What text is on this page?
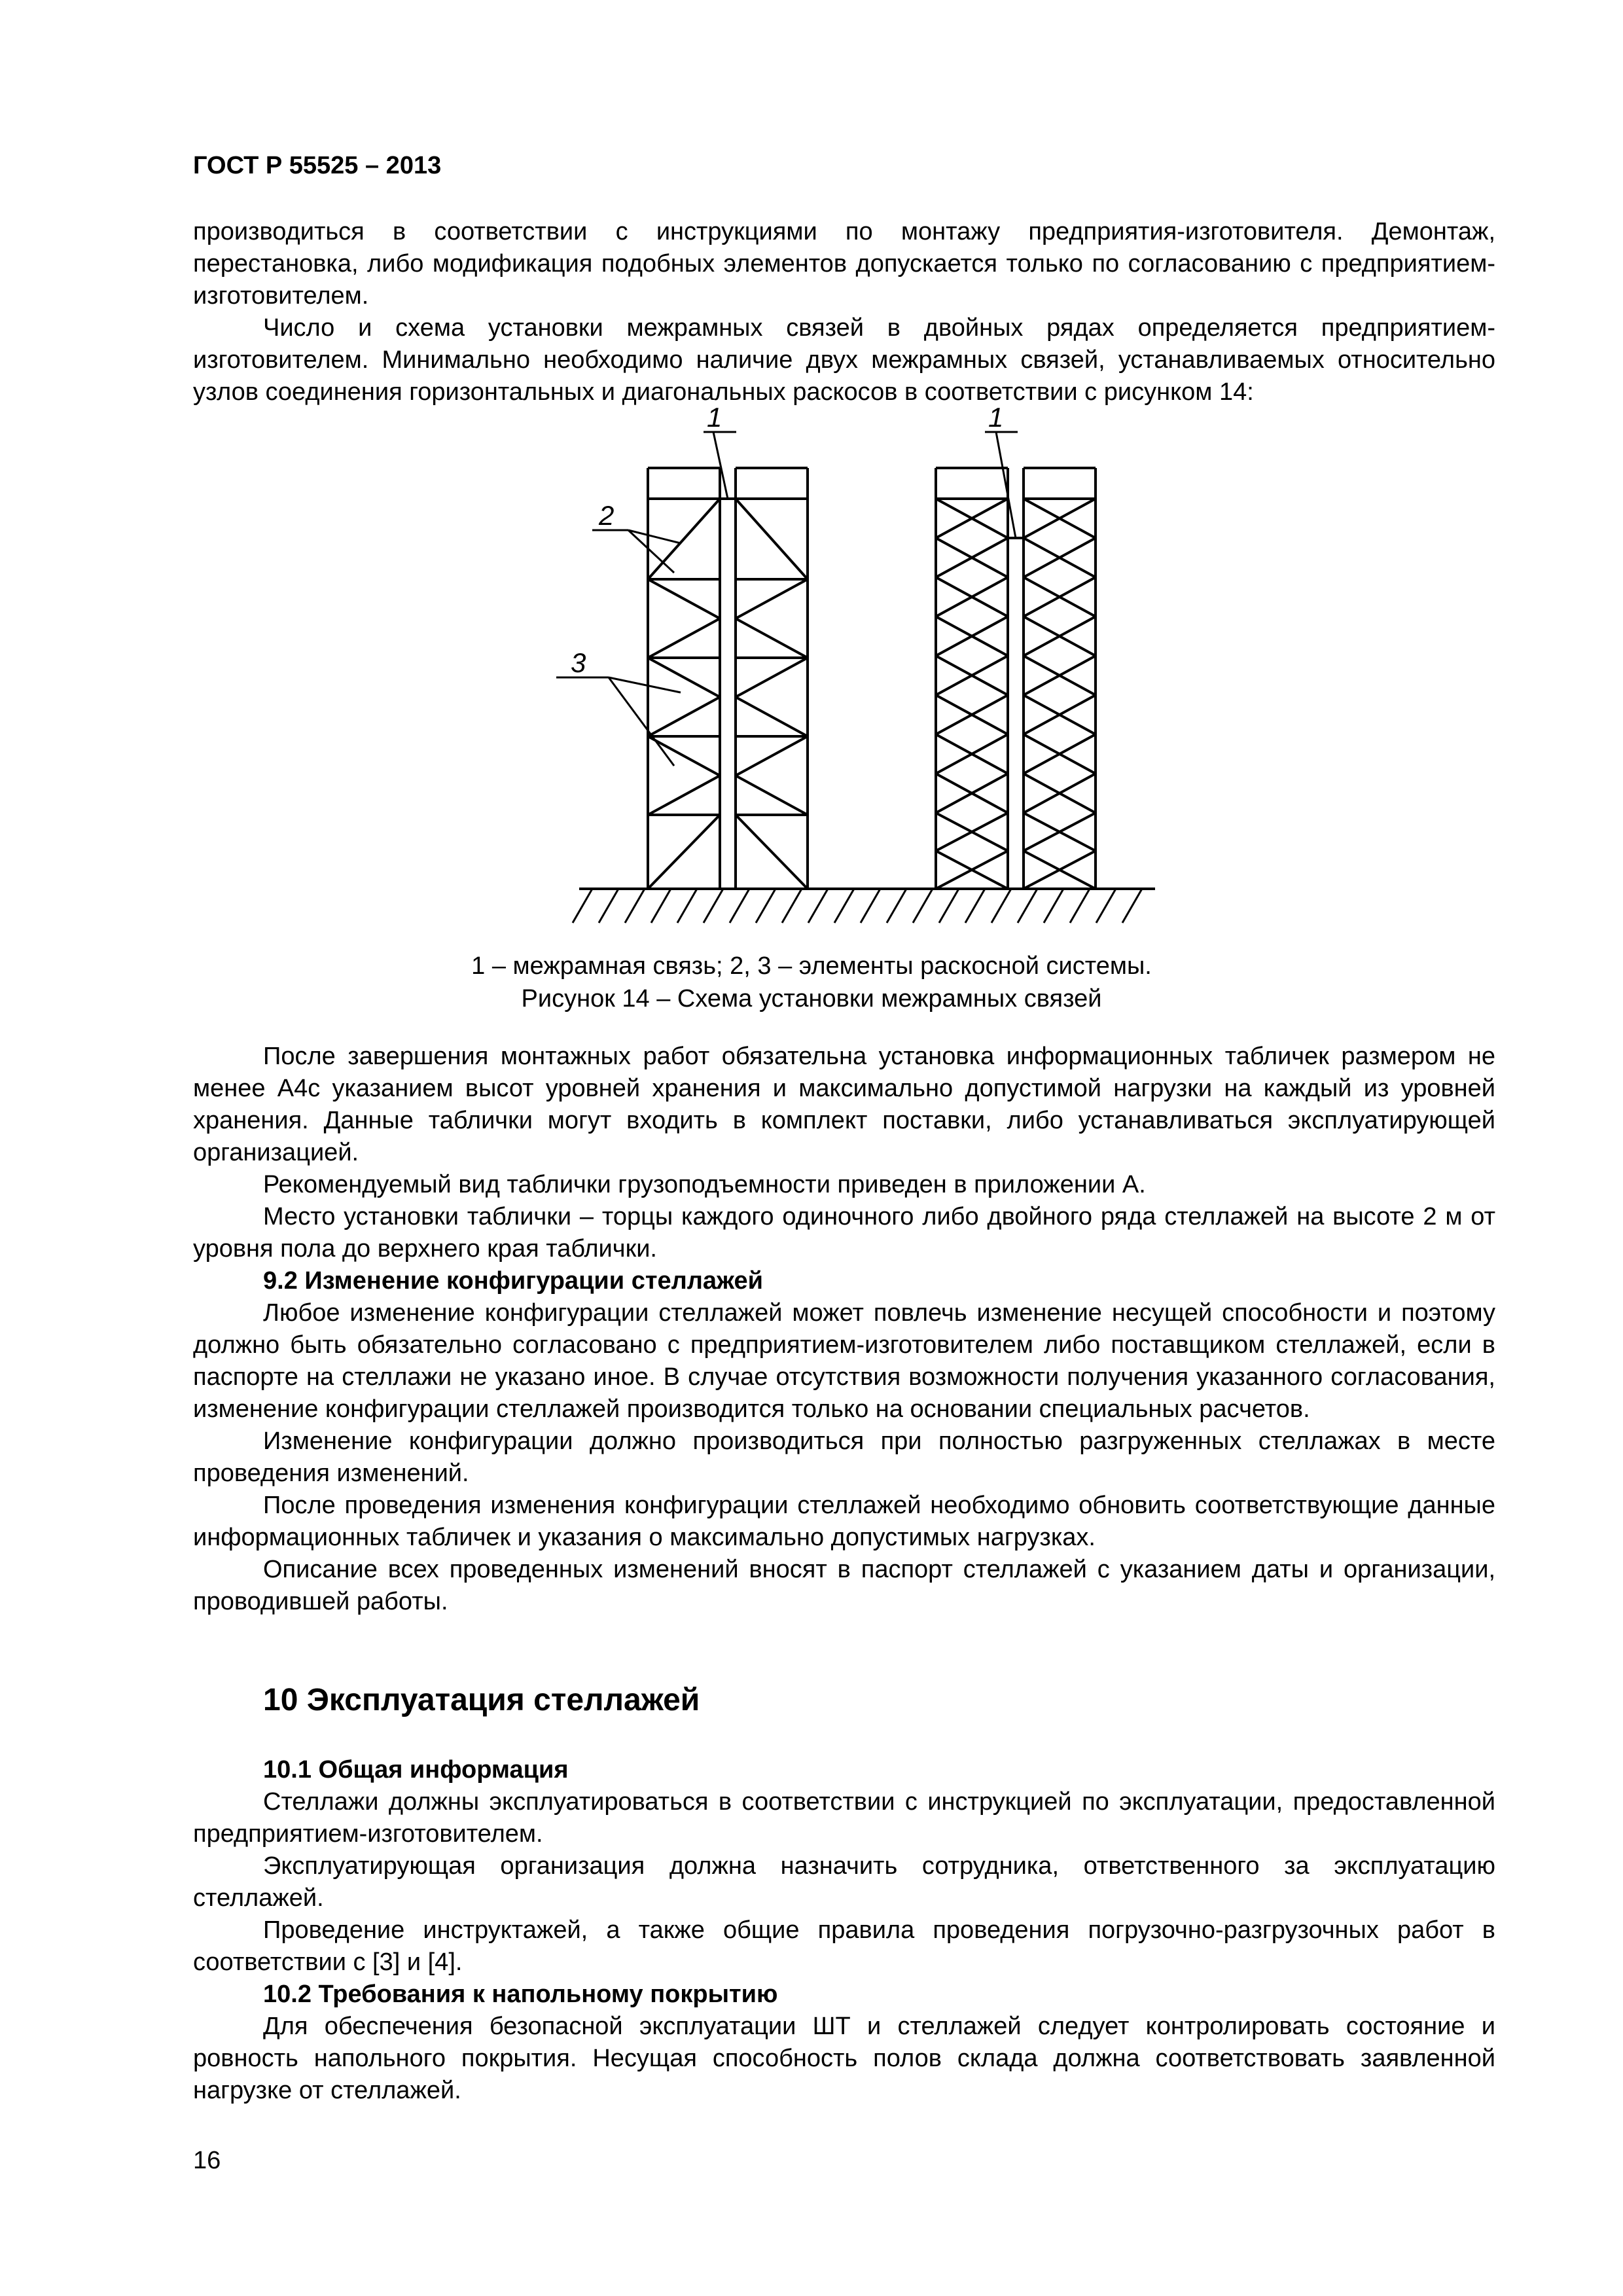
ГОСТ Р 55525 – 2013

производиться в соответствии с инструкциями по монтажу предприятия-изготовителя. Демонтаж, перестановка, либо модификация подобных элементов допускается только по согласованию с предприятием-изготовителем.

Число и схема установки межрамных связей в двойных рядах определяется предприятием-изготовителем. Минимально необходимо наличие двух межрамных связей, устанавливаемых относительно узлов соединения горизонтальных и диагональных раскосов в соответствии с рисунком 14:

1	1
2
3
1 – межрамная связь; 2, 3 – элементы раскосной системы.
Рисунок 14 – Схема установки межрамных связей

После завершения монтажных работ обязательна установка информационных табличек размером не менее А4с указанием высот уровней хранения и максимально допустимой нагрузки на каждый из уровней хранения. Данные таблички могут входить в комплект поставки, либо устанавливаться эксплуатирующей организацией.

Рекомендуемый вид таблички грузоподъемности приведен в приложении А.

Место установки таблички – торцы каждого одиночного либо двойного ряда стеллажей на высоте 2 м от уровня пола до верхнего края таблички.

9.2 Изменение конфигурации стеллажей

Любое изменение конфигурации стеллажей может повлечь изменение несущей способности и поэтому должно быть обязательно согласовано с предприятием-изготовителем либо поставщиком стеллажей, если в паспорте на стеллажи не указано иное. В случае отсутствия возможности получения указанного согласования, изменение конфигурации стеллажей производится только на основании специальных расчетов.

Изменение конфигурации должно производиться при полностью разгруженных стеллажах в месте проведения изменений.

После проведения изменения конфигурации стеллажей необходимо обновить соответствующие данные информационных табличек и указания о максимально допустимых нагрузках.

Описание всех проведенных изменений вносят в паспорт стеллажей с указанием даты и организации, проводившей работы.

10 Эксплуатация стеллажей

10.1 Общая информация

Стеллажи должны эксплуатироваться в соответствии с инструкцией по эксплуатации, предоставленной предприятием-изготовителем.

Эксплуатирующая организация должна назначить сотрудника, ответственного за эксплуатацию стеллажей.

Проведение инструктажей, а также общие правила проведения погрузочно-разгрузочных работ в соответствии с [3] и [4].

10.2 Требования к напольному покрытию

Для обеспечения безопасной эксплуатации ШТ и стеллажей следует контролировать состояние и ровность напольного покрытия. Несущая способность полов склада должна соответствовать заявленной нагрузке от стеллажей.

16
